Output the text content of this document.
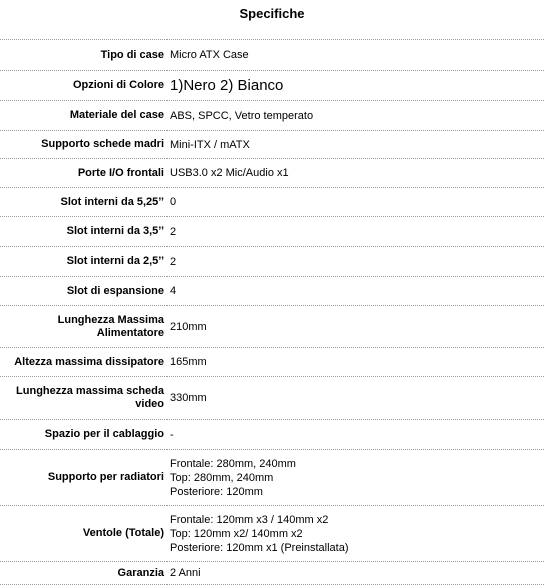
Specifiche
Tipo di case	Micro ATX Case
Opzioni di Colore	1)Nero 2) Bianco
Materiale del case	ABS, SPCC, Vetro temperato
Supporto schede madri	Mini-ITX / mATX
Porte I/O frontali	USB3.0 x2 Mic/Audio x1
Slot interni da 5,25’’	0
Slot interni da 3,5’’	2
Slot interni da 2,5’’	2
Slot di espansione	4
Lunghezza Massima Alimentatore	210mm
Altezza massima dissipatore	165mm
Lunghezza massima scheda video	330mm
Spazio per il cablaggio	-
Supporto per radiatori	Frontale: 280mm, 240mm
Top: 280mm, 240mm
Posteriore: 120mm

Ventole (Totale)	Frontale: 120mm x3 / 140mm x2
Top: 120mm x2/ 140mm x2
Posteriore: 120mm x1 (Preinstallata)

Garanzia	2 Anni
